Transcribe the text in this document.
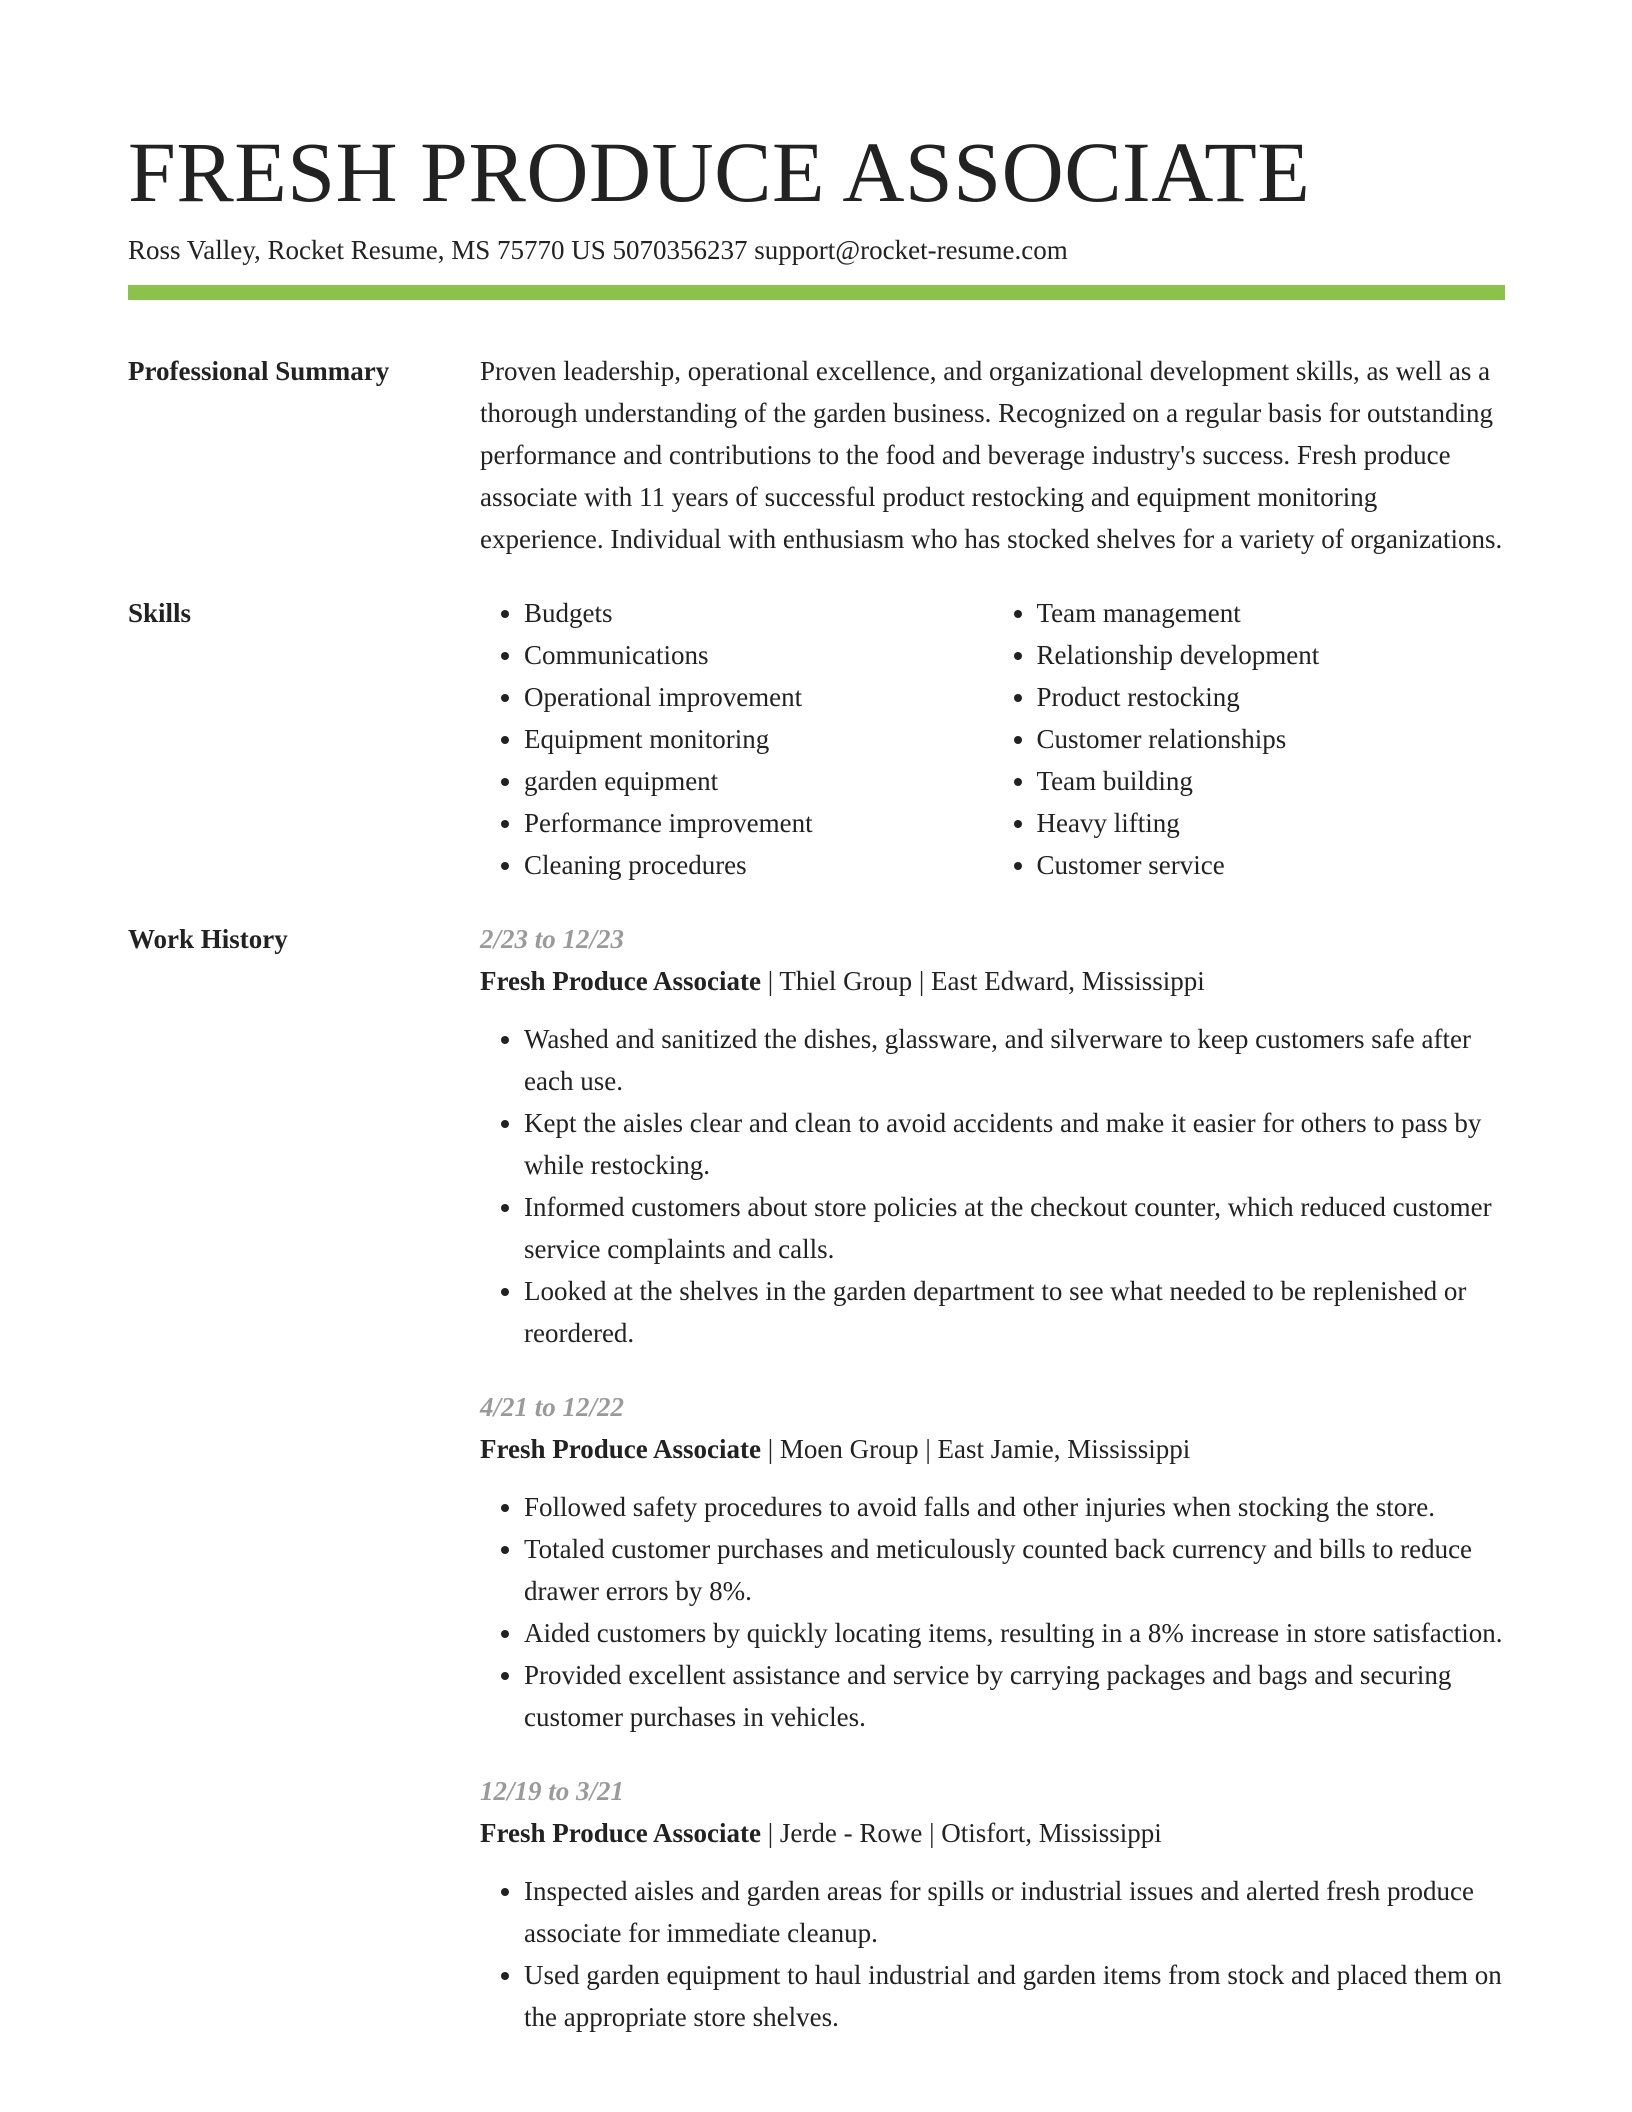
FRESH PRODUCE ASSOCIATE
Ross Valley, Rocket Resume, MS 75770 US 5070356237 support@rocket-resume.com
Professional Summary	Proven leadership, operational excellence, and organizational development skills, as well as a thorough understanding of the garden business. Recognized on a regular basis for outstanding performance and contributions to the food and beverage industry's success. Fresh produce associate with 11 years of successful product restocking and equipment monitoring experience. Individual with enthusiasm who has stocked shelves for a variety of organizations.

Skills
•	Budgets
• Communications
• Operational improvement
• Equipment monitoring
• garden equipment
• Performance improvement
• Cleaning procedures
• Team management
• Relationship development
• Product restocking
• Customer relationships
• Team building
• Heavy lifting
• Customer service
Work History	2/23 to 12/23
Fresh Produce Associate | Thiel Group | East Edward, Mississippi
• Washed and sanitized the dishes, glassware, and silverware to keep customers safe after each use.
• Kept the aisles clear and clean to avoid accidents and make it easier for others to pass by while restocking.
• Informed customers about store policies at the checkout counter, which reduced customer service complaints and calls.
• Looked at the shelves in the garden department to see what needed to be replenished or reordered.
4/21 to 12/22
Fresh Produce Associate | Moen Group | East Jamie, Mississippi
• Followed safety procedures to avoid falls and other injuries when stocking the store.
• Totaled customer purchases and meticulously counted back currency and bills to reduce drawer errors by 8%.
• Aided customers by quickly locating items, resulting in a 8% increase in store satisfaction.
• Provided excellent assistance and service by carrying packages and bags and securing customer purchases in vehicles.
12/19 to 3/21
Fresh Produce Associate | Jerde - Rowe | Otisfort, Mississippi
• Inspected aisles and garden areas for spills or industrial issues and alerted fresh produce associate for immediate cleanup.
• Used garden equipment to haul industrial and garden items from stock and placed them on the appropriate store shelves.
